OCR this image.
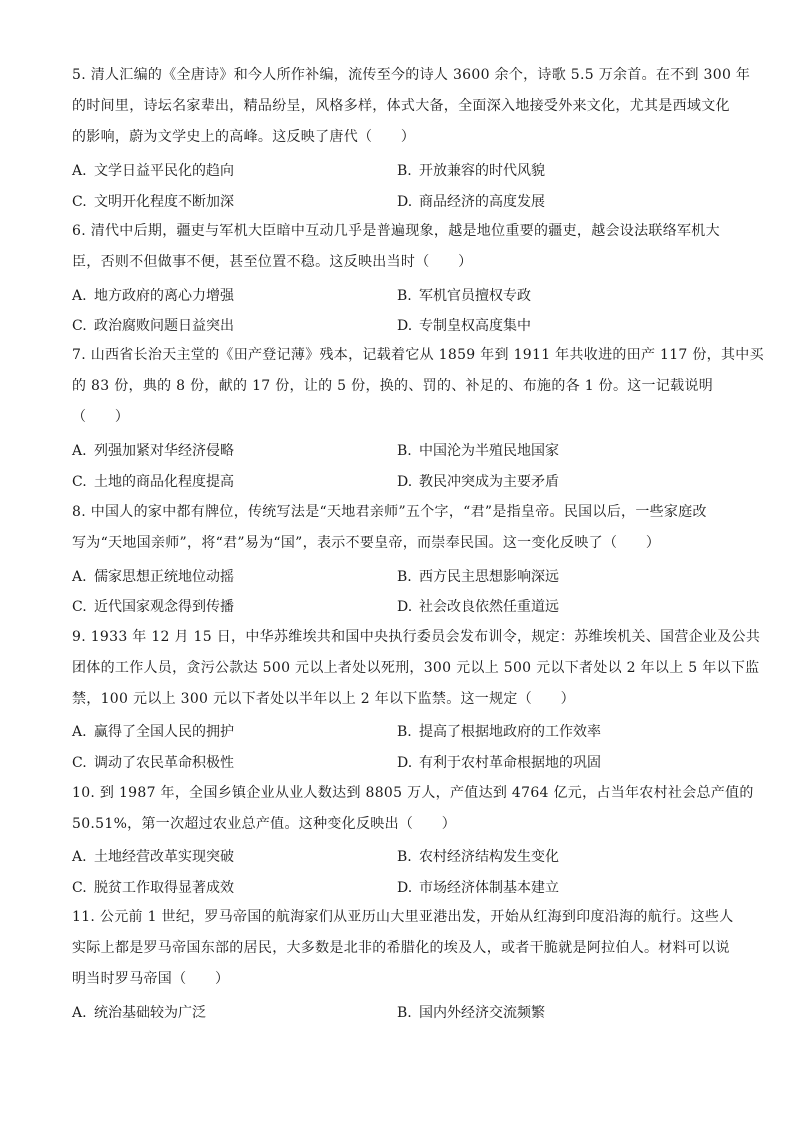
5. 清人汇编的《全唐诗》和今人所作补编，流传至今的诗人 3600 余个，诗歌 5.5 万余首。在不到 300 年
的时间里，诗坛名家辈出，精品纷呈，风格多样，体式大备，全面深入地接受外来文化，尤其是西域文化
的影响，蔚为文学史上的高峰。这反映了唐代（　　）
A. 文学日益平民化的趋向	B. 开放兼容的时代风貌
C. 文明开化程度不断加深	D. 商品经济的高度发展
6. 清代中后期，疆吏与军机大臣暗中互动几乎是普遍现象，越是地位重要的疆吏，越会设法联络军机大
臣，否则不但做事不便，甚至位置不稳。这反映出当时（　　）
A. 地方政府的离心力增强	B. 军机官员擅权专政
C. 政治腐败问题日益突出	D. 专制皇权高度集中
7. 山西省长治天主堂的《田产登记薄》残本，记载着它从 1859 年到 1911 年共收进的田产 117 份，其中买
的 83 份，典的 8 份，献的 17 份，让的 5 份，换的、罚的、补足的、布施的各 1 份。这一记载说明
（　　）
A. 列强加紧对华经济侵略	B. 中国沦为半殖民地国家
C. 土地的商品化程度提高	D. 教民冲突成为主要矛盾
8. 中国人的家中都有牌位，传统写法是“天地君亲师”五个字，“君”是指皇帝。民国以后，一些家庭改
写为“天地国亲师”，将“君”易为“国”，表示不要皇帝，而崇奉民国。这一变化反映了（　　）
A. 儒家思想正统地位动摇	B. 西方民主思想影响深远
C. 近代国家观念得到传播	D. 社会改良依然任重道远
9. 1933 年 12 月 15 日，中华苏维埃共和国中央执行委员会发布训令，规定：苏维埃机关、国营企业及公共
团体的工作人员，贪污公款达 500 元以上者处以死刑，300 元以上 500 元以下者处以 2 年以上 5 年以下监
禁，100 元以上 300 元以下者处以半年以上 2 年以下监禁。这一规定（　　）
A. 赢得了全国人民的拥护	B. 提高了根据地政府的工作效率
C. 调动了农民革命积极性	D. 有利于农村革命根据地的巩固
10. 到 1987 年，全国乡镇企业从业人数达到 8805 万人，产值达到 4764 亿元，占当年农村社会总产值的
50.51%，第一次超过农业总产值。这种变化反映出（　　）
A. 土地经营改革实现突破	B. 农村经济结构发生变化
C. 脱贫工作取得显著成效	D. 市场经济体制基本建立
11. 公元前 1 世纪，罗马帝国的航海家们从亚历山大里亚港出发，开始从红海到印度沿海的航行。这些人
实际上都是罗马帝国东部的居民，大多数是北非的希腊化的埃及人，或者干脆就是阿拉伯人。材料可以说
明当时罗马帝国（　　）
A. 统治基础较为广泛	B. 国内外经济交流频繁
